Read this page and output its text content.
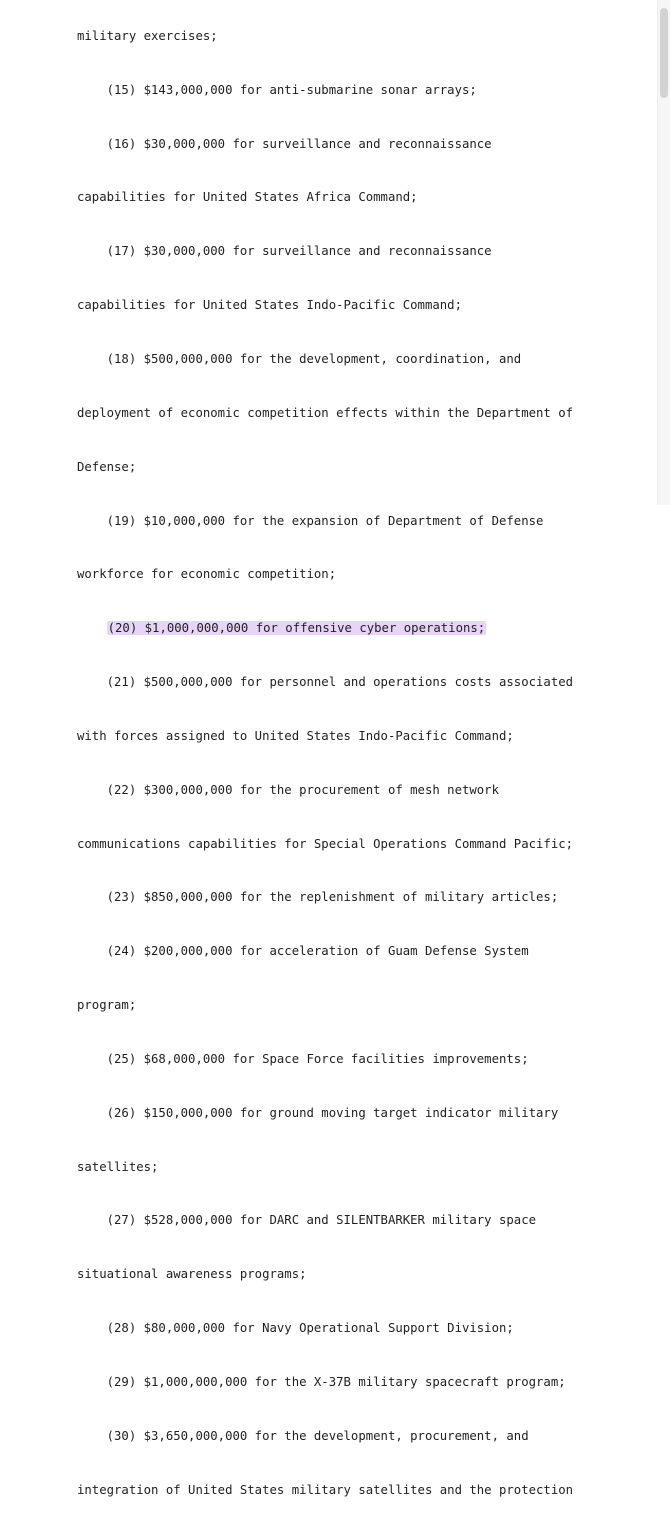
military exercises;

(15) $143,000,000 for anti-submarine sonar arrays;

(16) $30,000,000 for surveillance and reconnaissance

capabilities for United States Africa Command;

(17) $30,000,000 for surveillance and reconnaissance

capabilities for United States Indo-Pacific Command;

(18) $500,000,000 for the development, coordination, and

deployment of economic competition effects within the Department of

Defense;

(19) $10,000,000 for the expansion of Department of Defense

workforce for economic competition;

(20) $1,000,000,000 for offensive cyber operations;

(21) $500,000,000 for personnel and operations costs associated

with forces assigned to United States Indo-Pacific Command;

(22) $300,000,000 for the procurement of mesh network

communications capabilities for Special Operations Command Pacific;

(23) $850,000,000 for the replenishment of military articles;

(24) $200,000,000 for acceleration of Guam Defense System

program;

(25) $68,000,000 for Space Force facilities improvements;

(26) $150,000,000 for ground moving target indicator military

satellites;

(27) $528,000,000 for DARC and SILENTBARKER military space

situational awareness programs;

(28) $80,000,000 for Navy Operational Support Division;

(29) $1,000,000,000 for the X-37B military spacecraft program;

(30) $3,650,000,000 for the development, procurement, and

integration of United States military satellites and the protection
